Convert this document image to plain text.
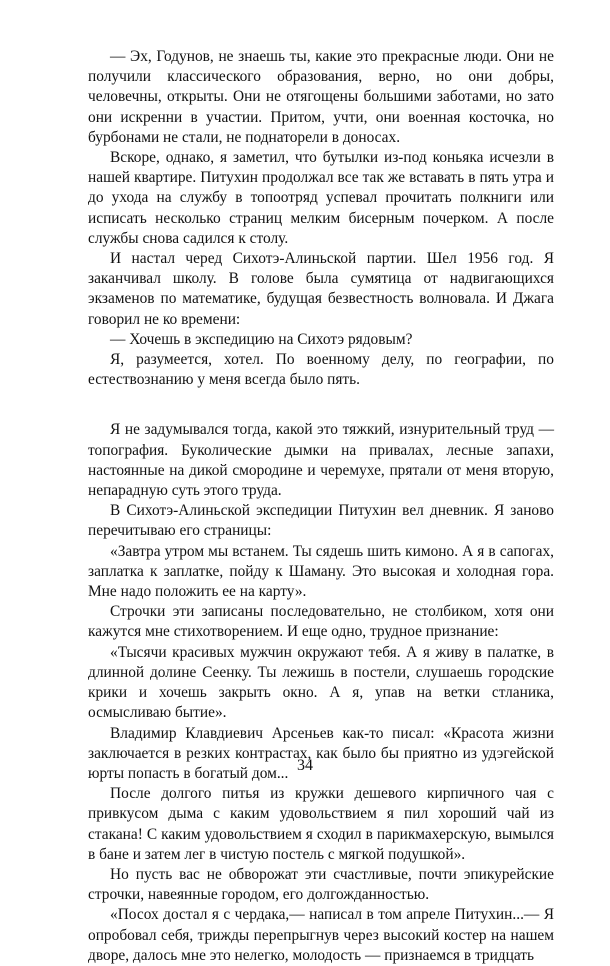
— Эх, Годунов, не знаешь ты, какие это прекрасные люди. Они не получили классического образования, верно, но они добры, человечны, открыты. Они не отягощены большими заботами, но зато они искренни в участии. Притом, учти, они военная косточка, но бурбонами не стали, не поднаторели в доносах.

Вскоре, однако, я заметил, что бутылки из-под коньяка исчезли в нашей квартире. Питухин продолжал все так же вставать в пять утра и до ухода на службу в топоотряд успевал прочитать полкниги или исписать несколько страниц мелким бисерным почерком. А после службы снова садился к столу.

И настал черед Сихотэ-Алиньской партии. Шел 1956 год. Я заканчивал школу. В голове была сумятица от надвигающихся экзаменов по математике, будущая безвестность волновала. И Джага говорил не ко времени:

— Хочешь в экспедицию на Сихотэ рядовым?

Я, разумеется, хотел. По военному делу, по географии, по естествознанию у меня всегда было пять.

Я не задумывался тогда, какой это тяжкий, изнурительный труд — топография. Буколические дымки на привалах, лесные запахи, настоянные на дикой смородине и черемухе, прятали от меня вторую, непарадную суть этого труда.

В Сихотэ-Алиньской экспедиции Питухин вел дневник. Я заново перечитываю его страницы:

«Завтра утром мы встанем. Ты сядешь шить кимоно. А я в сапогах, заплатка к заплатке, пойду к Шаману. Это высокая и холодная гора. Мне надо положить ее на карту».

Строчки эти записаны последовательно, не столбиком, хотя они кажутся мне стихотворением. И еще одно, трудное признание:

«Тысячи красивых мужчин окружают тебя. А я живу в палатке, в длинной долине Сеенку. Ты лежишь в постели, слушаешь городские крики и хочешь закрыть окно. А я, упав на ветки стланика, осмысливаю бытие».

Владимир Клавдиевич Арсеньев как-то писал: «Красота жизни заключается в резких контрастах, как было бы приятно из удэгейской юрты попасть в богатый дом...

После долгого питья из кружки дешевого кирпичного чая с привкусом дыма с каким удовольствием я пил хороший чай из стакана! С каким удовольствием я сходил в парикмахерскую, вымылся в бане и затем лег в чистую постель с мягкой подушкой».

Но пусть вас не обворожат эти счастливые, почти эпикурейские строчки, навеянные городом, его долгожданностью.

«Посох достал я с чердака,— написал в том апреле Питухин...— Я опробовал себя, трижды перепрыгнув через высокий костер на нашем дворе, далось мне это нелегко, молодость — признаемся в тридцать

34
